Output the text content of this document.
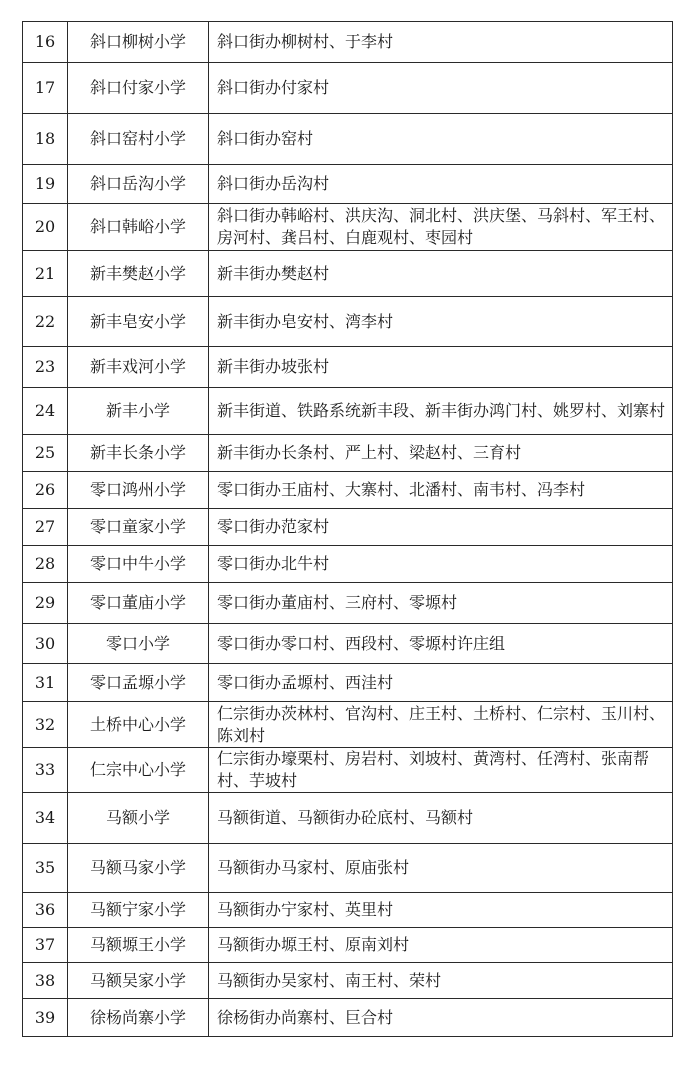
16	斜口柳树小学	斜口街办柳树村、于李村
17	斜口付家小学	斜口街办付家村
18	斜口窑村小学	斜口街办窑村
19	斜口岳沟小学	斜口街办岳沟村
20	斜口韩峪小学	斜口街办韩峪村、洪庆沟、洞北村、洪庆堡、马斜村、军王村、房河村、龚吕村、白鹿观村、枣园村
21	新丰樊赵小学	新丰街办樊赵村
22	新丰皂安小学	新丰街办皂安村、湾李村
23	新丰戏河小学	新丰街办坡张村
24	新丰小学	新丰街道、铁路系统新丰段、新丰街办鸿门村、姚罗村、刘寨村
25	新丰长条小学	新丰街办长条村、严上村、梁赵村、三育村
26	零口鸿州小学	零口街办王庙村、大寨村、北潘村、南韦村、冯李村
27	零口童家小学	零口街办范家村
28	零口中牛小学	零口街办北牛村
29	零口董庙小学	零口街办董庙村、三府村、零塬村
30	零口小学	零口街办零口村、西段村、零塬村许庄组
31	零口孟塬小学	零口街办孟塬村、西洼村
32	土桥中心小学	仁宗街办茨林村、官沟村、庄王村、土桥村、仁宗村、玉川村、陈刘村
33	仁宗中心小学	仁宗街办壕栗村、房岩村、刘坡村、黄湾村、任湾村、张南帮村、芋坡村
34	马额小学	马额街道、马额街办砼底村、马额村
35	马额马家小学	马额街办马家村、原庙张村
36	马额宁家小学	马额街办宁家村、英里村
37	马额塬王小学	马额街办塬王村、原南刘村
38	马额吴家小学	马额街办吴家村、南王村、荣村
39	徐杨尚寨小学	徐杨街办尚寨村、巨合村
